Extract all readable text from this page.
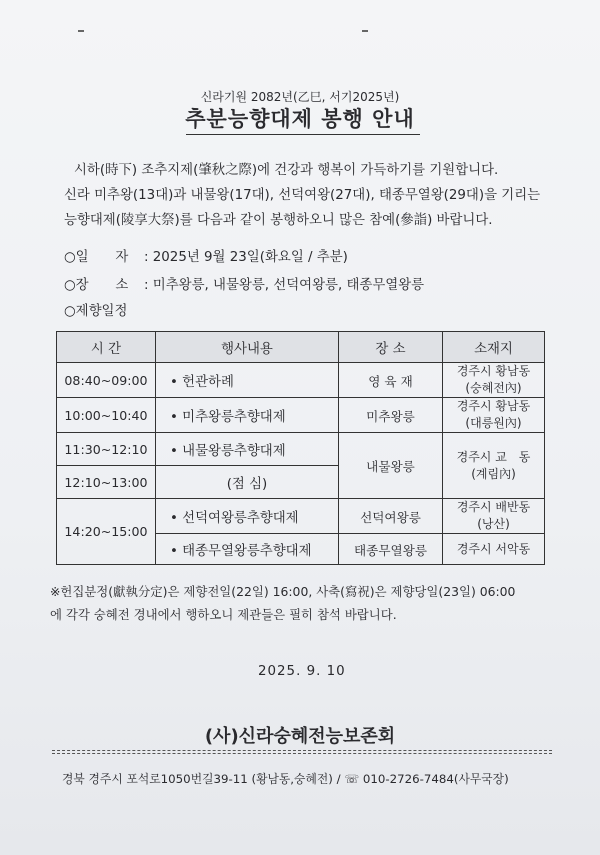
신라기원 2082년(乙巳, 서기2025년)
추분능향대제 봉행 안내
시하(時下) 조추지제(肇秋之際)에 건강과 행복이 가득하기를 기원합니다.
신라 미추왕(13대)과 내물왕(17대), 선덕여왕(27대), 태종무열왕(29대)을 기리는
능향대제(陵享大祭)를 다음과 같이 봉행하오니 많은 참예(參詣) 바랍니다.
○일　　자 : 2025년 9월 23일(화요일 / 추분)
○장　　소 : 미추왕릉, 내물왕릉, 선덕여왕릉, 태종무열왕릉
○제향일정
시 간	행사내용	장 소	소재지
08:40~09:00	• 헌관하례	영 육 재	경주시 황남동
(숭혜전內)

10:00~10:40	• 미추왕릉추향대제	미추왕릉	경주시 황남동
(대릉원內)

11:30~12:10	• 내물왕릉추향대제	내물왕릉	경주시 교　동
(계림內)

12:10~13:00	(점 심)		
14:20~15:00	• 선덕여왕릉추향대제	선덕여왕릉	경주시 배반동
(낭산)

	• 태종무열왕릉추향대제	태종무열왕릉	경주시 서악동
※헌집분정(獻執分定)은 제향전일(22일) 16:00, 사축(寫祝)은 제향당일(23일) 06:00
에 각각 숭혜전 경내에서 행하오니 제관들은 필히 참석 바랍니다.
2025. 9. 10
(사)신라숭혜전능보존회
경북 경주시 포석로1050번길39-11 (황남동,숭혜전) / ☏ 010-2726-7484(사무국장)
